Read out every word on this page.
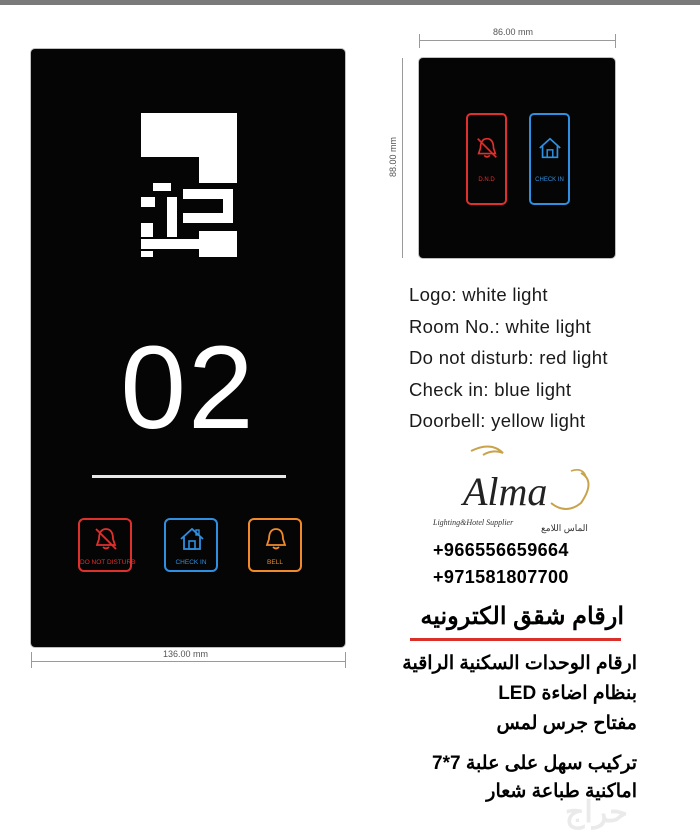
02
DO NOT DISTURB	CHECK IN	BELL
136.00 mm
86.00 mm
88.00 mm
D.N.D	CHECK IN
Logo: white light
Room No.: white light
Do not disturb: red light
Check in: blue light
Doorbell: yellow light
Alma
Lighting&Hotel Supplier
الماس اللامع
+966556659664
+971581807700
ارقام شقق الكترونيه
ارقام الوحدات السكنية الراقية
بنظام اضاءة LED
مفتاح جرس لمس
تركيب سهل على علبة 7*7
اماكنية طباعة شعار
حراج
